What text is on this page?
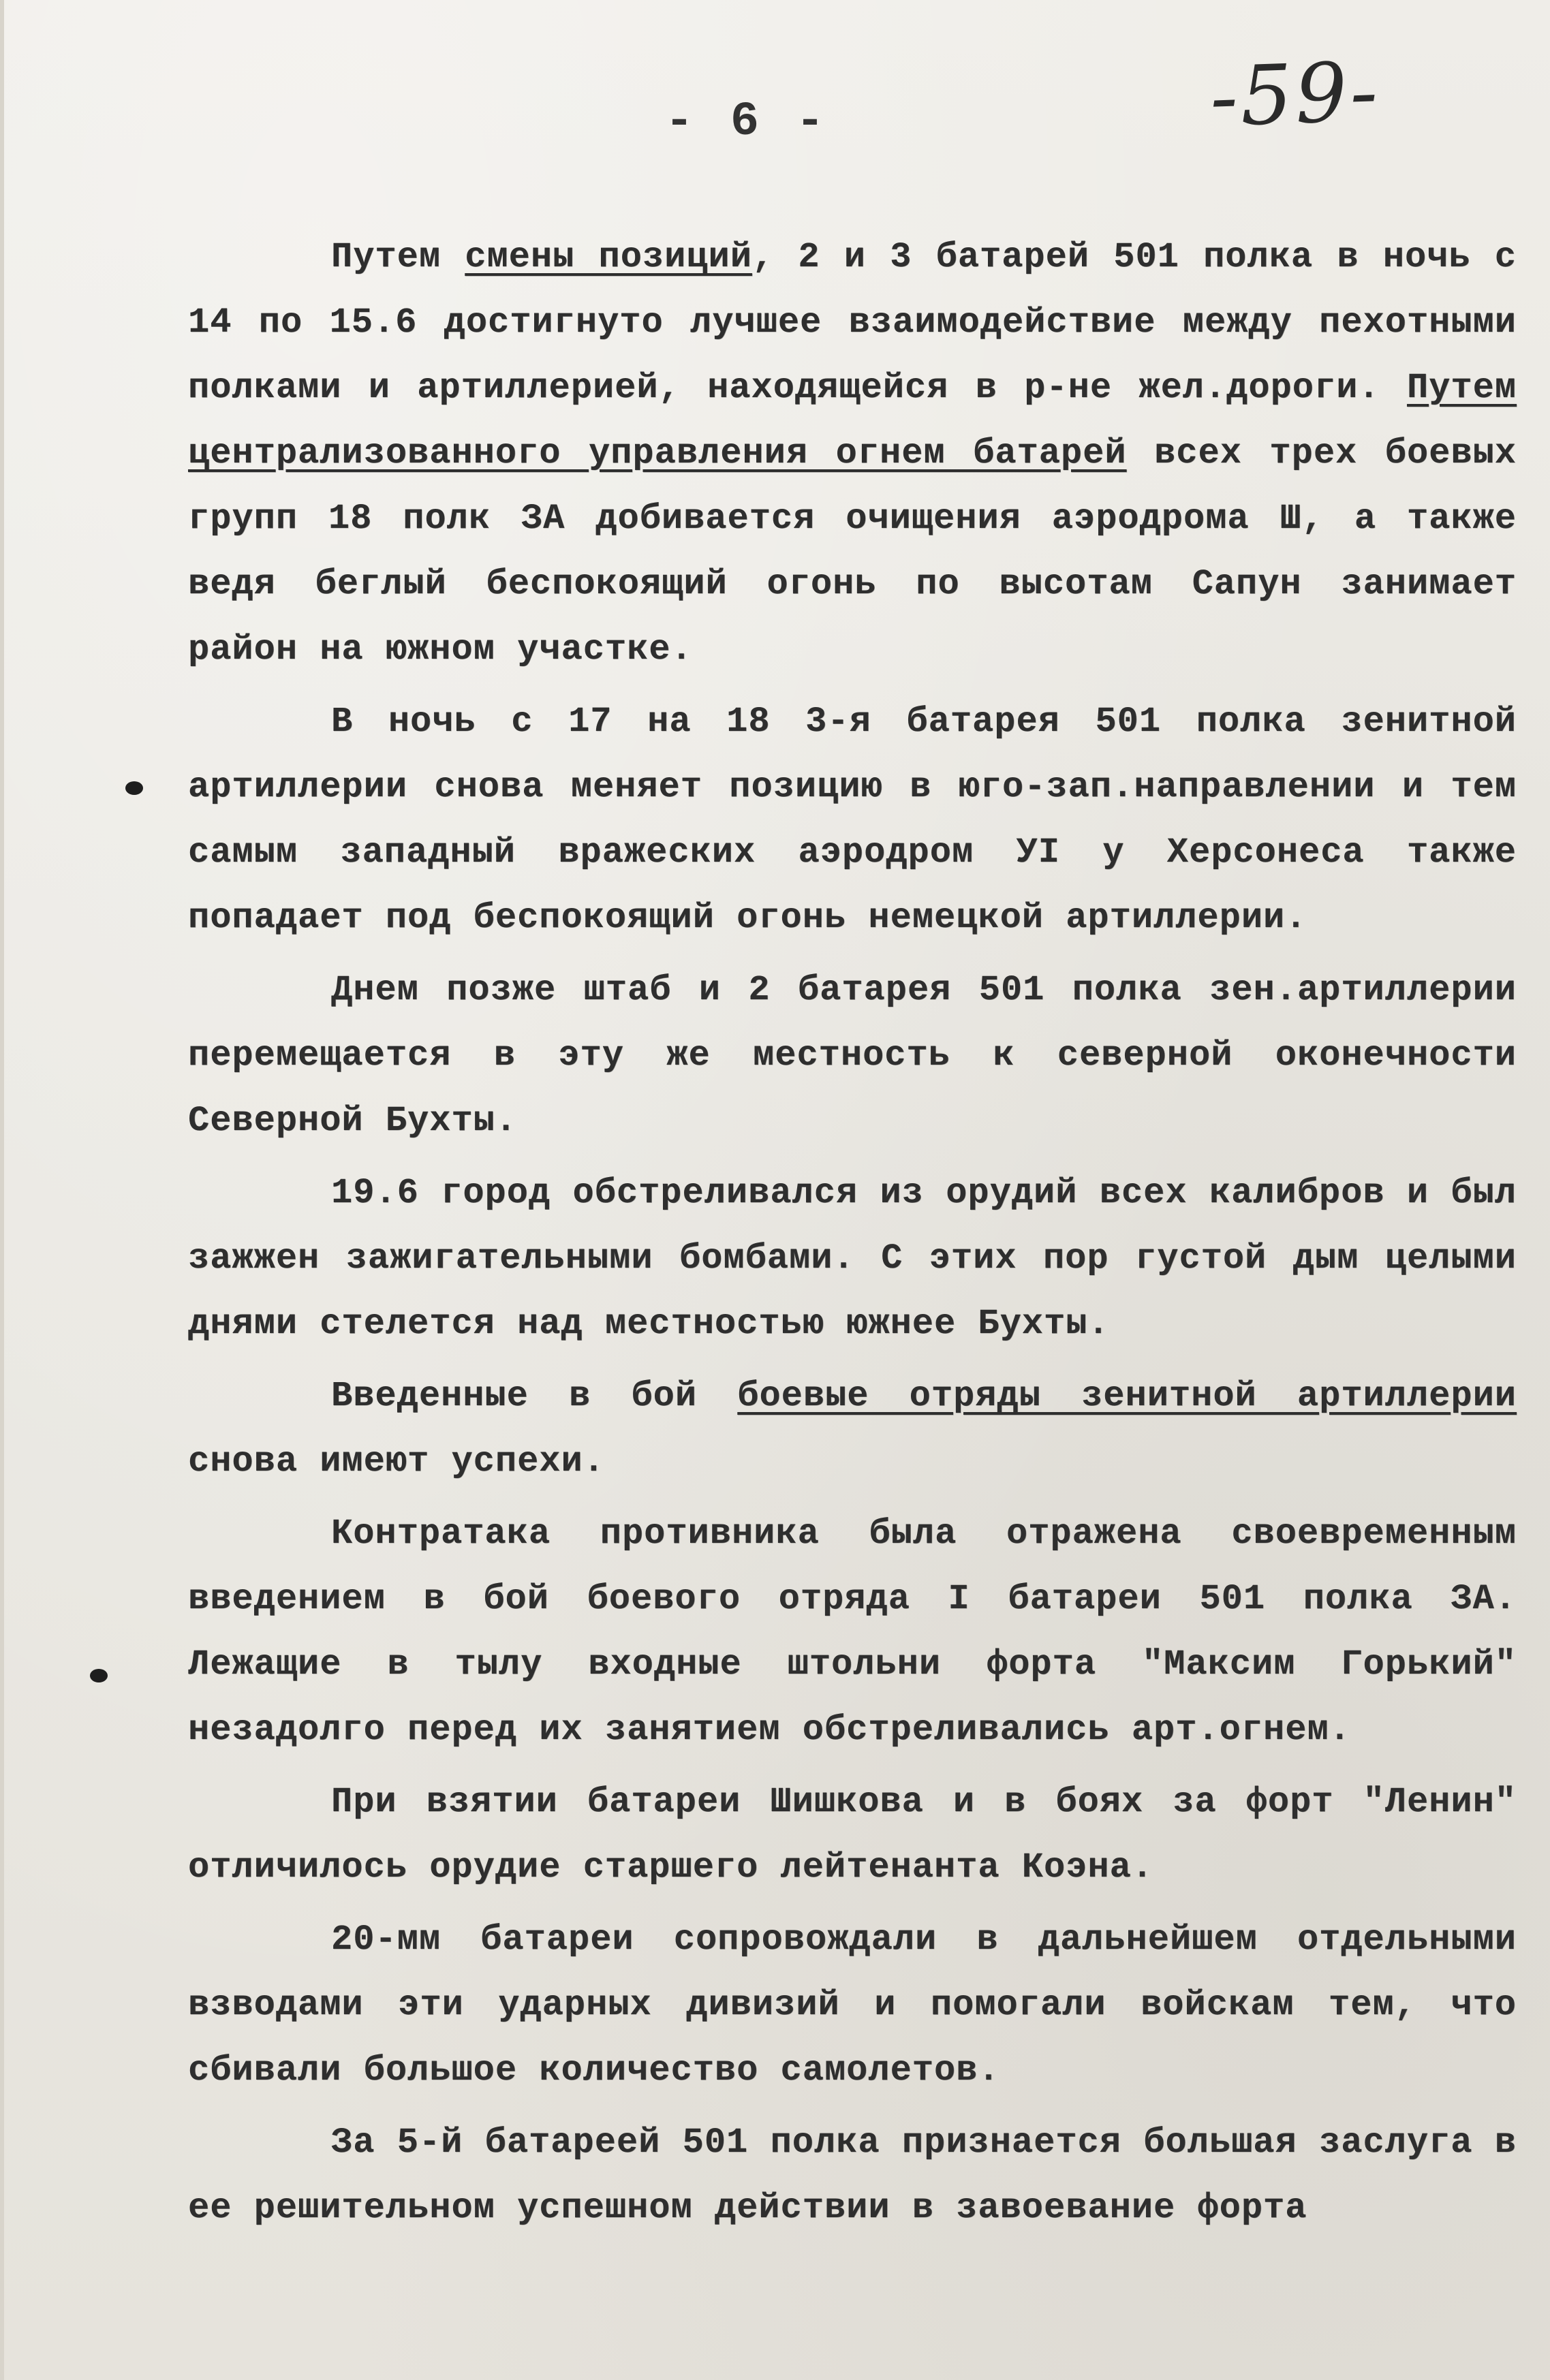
-59-
- 6 -

Путем смены позиций, 2 и 3 батарей 501 полка в ночь с 14 по 15.6 достигнуто лучшее взаимодействие между пехотными полками и артиллерией, находящейся в р-не жел.дороги. Путем централизованного управления огнем батарей всех трех боевых групп 18 полк ЗА добивается очищения аэродрома Ш, а также ведя беглый беспокоящий огонь по высотам Сапун занимает район на южном участке.

В ночь с 17 на 18 3-я батарея 501 полка зенитной артиллерии снова меняет позицию в юго-зап.направлении и тем самым западный вражеских аэродром УI у Херсонеса также попадает под беспокоящий огонь немецкой артиллерии.

Днем позже штаб и 2 батарея 501 полка зен.артиллерии перемещается в эту же местность к северной оконечности Северной Бухты.

19.6 город обстреливался из орудий всех калибров и был зажжен зажигательными бомбами. С этих пор густой дым целыми днями стелется над местностью южнее Бухты.

Введенные в бой боевые отряды зенитной артиллерии снова имеют успехи.

Контратака противника была отражена своевременным введением в бой боевого отряда I батареи 501 полка ЗА. Лежащие в тылу входные штольни форта "Максим Горький" незадолго перед их занятием обстреливались арт.огнем.

При взятии батареи Шишкова и в боях за форт "Ленин" отличилось орудие старшего лейтенанта Коэна.

20-мм батареи сопровождали в дальнейшем отдельными взводами эти ударных дивизий и помогали войскам тем, что сбивали большое количество самолетов.

За 5-й батареей 501 полка признается большая заслуга в ее решительном успешном действии в завоевание форта
